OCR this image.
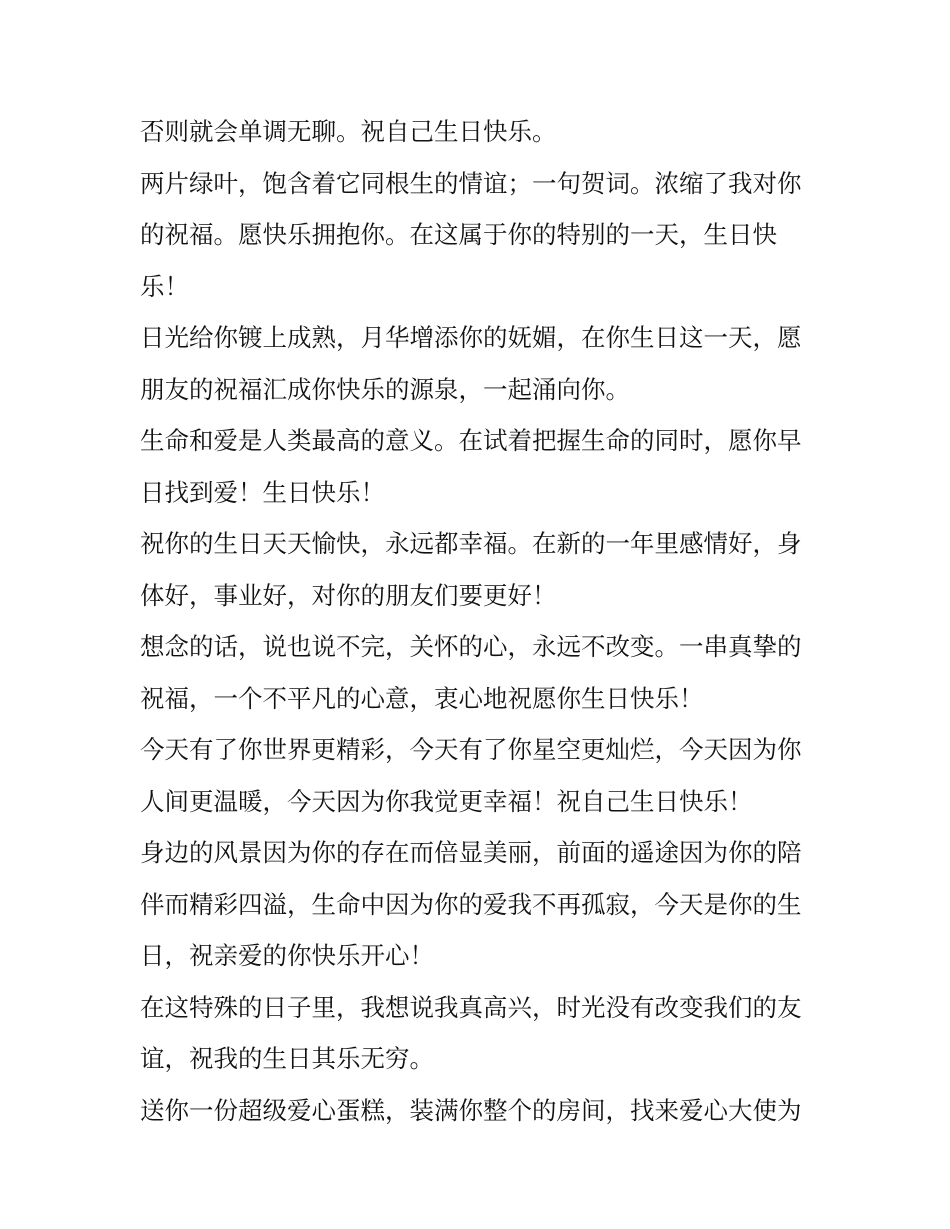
否则就会单调无聊。祝自己生日快乐。
两片绿叶，饱含着它同根生的情谊；一句贺词。浓缩了我对你
的祝福。愿快乐拥抱你。在这属于你的特别的一天，生日快
乐！
日光给你镀上成熟，月华增添你的妩媚，在你生日这一天，愿
朋友的祝福汇成你快乐的源泉，一起涌向你。
生命和爱是人类最高的意义。在试着把握生命的同时，愿你早
日找到爱！生日快乐！
祝你的生日天天愉快，永远都幸福。在新的一年里感情好，身
体好，事业好，对你的朋友们要更好！
想念的话，说也说不完，关怀的心，永远不改变。一串真挚的
祝福，一个不平凡的心意，衷心地祝愿你生日快乐！
今天有了你世界更精彩，今天有了你星空更灿烂，今天因为你
人间更温暖，今天因为你我觉更幸福！祝自己生日快乐！
身边的风景因为你的存在而倍显美丽，前面的遥途因为你的陪
伴而精彩四溢，生命中因为你的爱我不再孤寂，今天是你的生
日，祝亲爱的你快乐开心！
在这特殊的日子里，我想说我真高兴，时光没有改变我们的友
谊，祝我的生日其乐无穷。
送你一份超级爱心蛋糕，装满你整个的房间，找来爱心大使为
